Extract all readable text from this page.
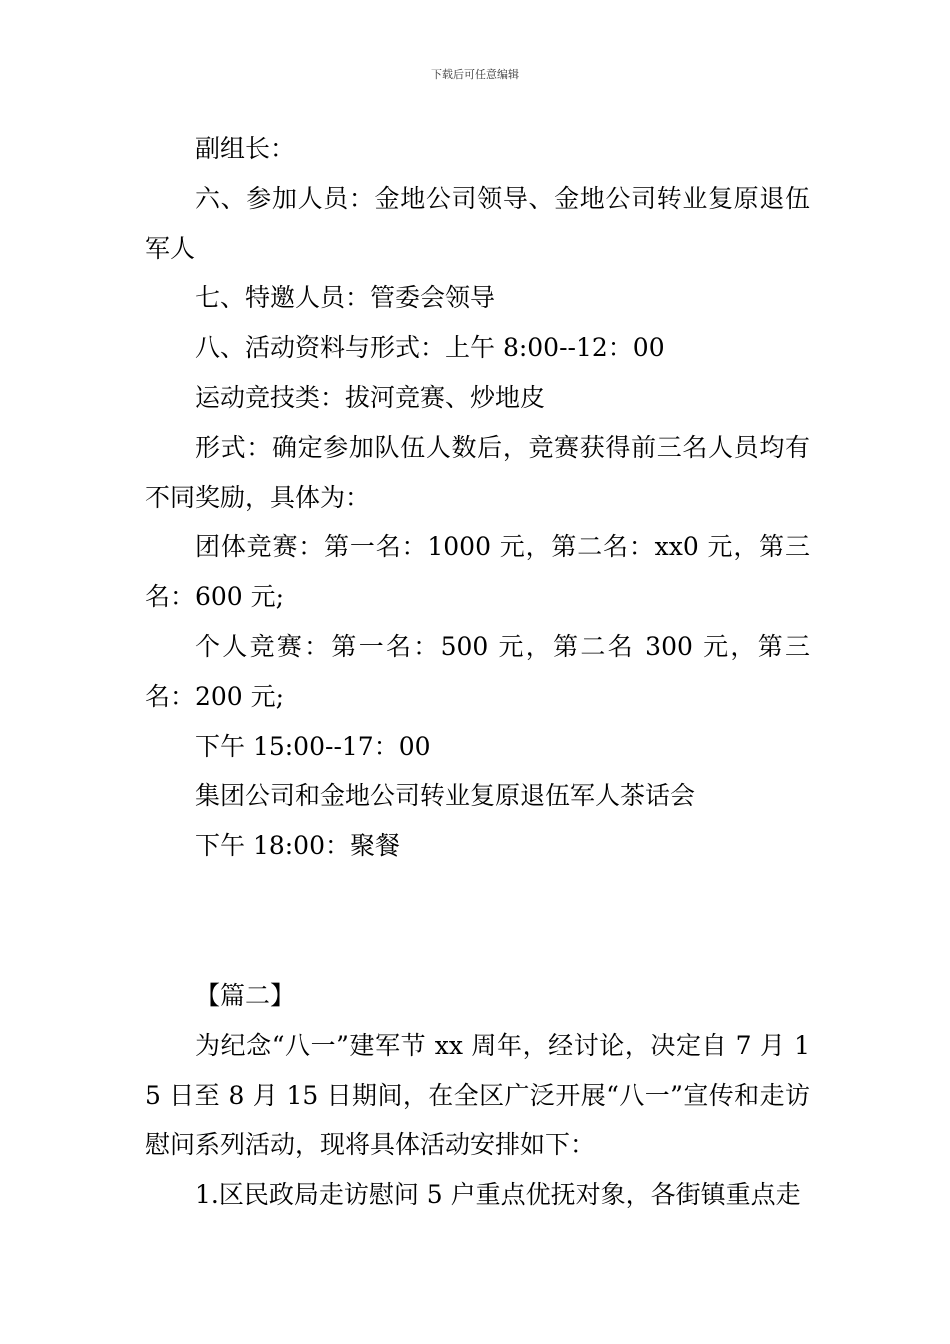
下载后可任意编辑

副组长：

六、参加人员：金地公司领导、金地公司转业复原退伍军人

七、特邀人员：管委会领导

八、活动资料与形式：上午 8:00--12：00

运动竞技类：拔河竞赛、炒地皮

形式：确定参加队伍人数后，竞赛获得前三名人员均有不同奖励，具体为：

团体竞赛：第一名：1000 元，第二名：xx0 元，第三名：600 元;

个人竞赛：第一名：500 元，第二名 300 元，第三名：200 元;

下午 15:00--17：00

集团公司和金地公司转业复原退伍军人茶话会

下午 18:00：聚餐

【篇二】

为纪念“八一”建军节 xx 周年，经讨论，决定自 7 月 15 日至 8 月 15 日期间，在全区广泛开展“八一”宣传和走访慰问系列活动，现将具体活动安排如下：

1.区民政局走访慰问 5 户重点优抚对象，各街镇重点走
